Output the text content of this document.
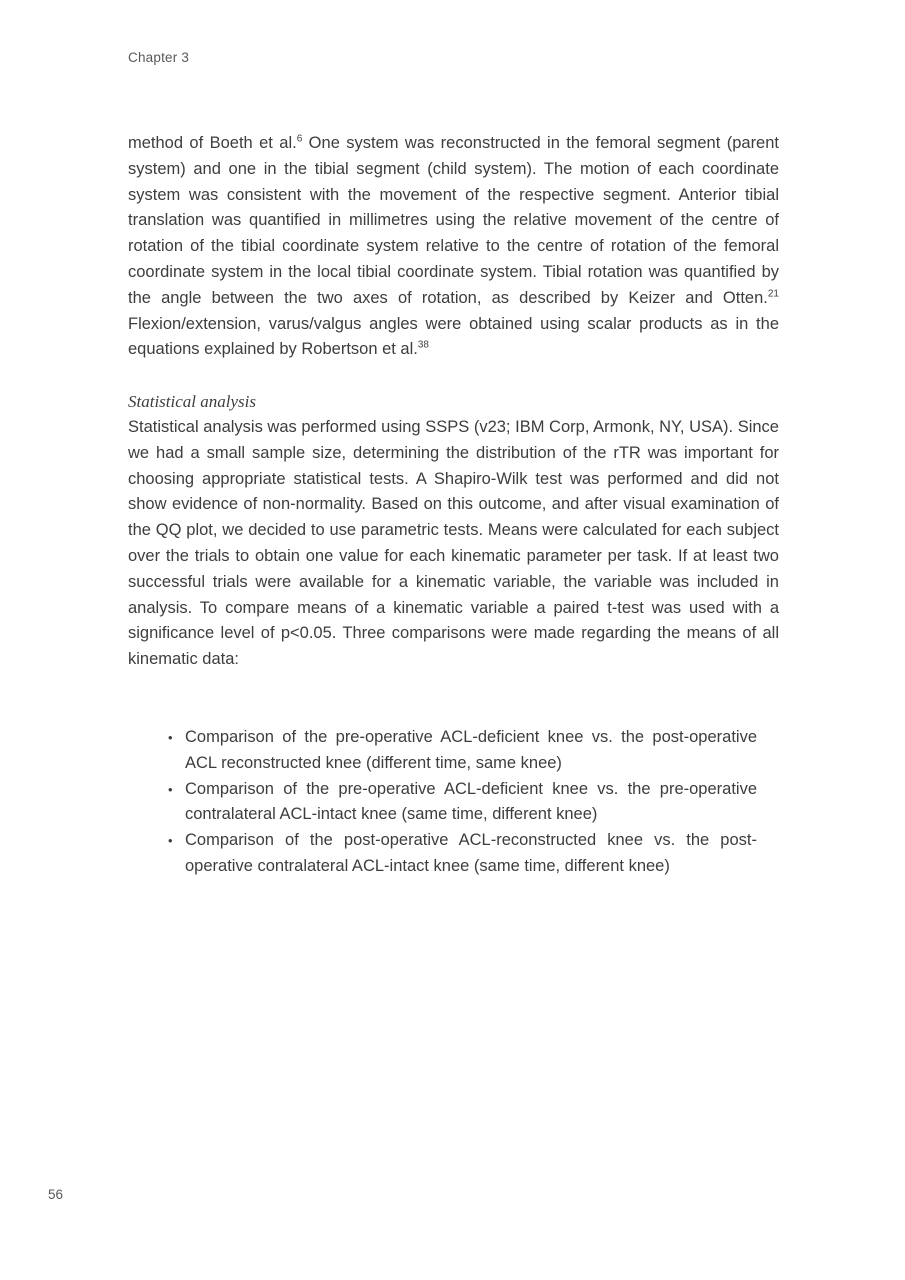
Chapter 3

method of Boeth et al.$^6$ One system was reconstructed in the femoral segment (parent system) and one in the tibial segment (child system). The motion of each coordinate system was consistent with the movement of the respective segment. Anterior tibial translation was quantified in millimetres using the relative movement of the centre of rotation of the tibial coordinate system relative to the centre of rotation of the femoral coordinate system in the local tibial coordinate system. Tibial rotation was quantified by the angle between the two axes of rotation, as described by Keizer and Otten.$^{21}$ Flexion/extension, varus/valgus angles were obtained using scalar products as in the equations explained by Robertson et al.$^{38}$

Statistical analysis

Statistical analysis was performed using SSPS (v23; IBM Corp, Armonk, NY, USA). Since we had a small sample size, determining the distribution of the rTR was important for choosing appropriate statistical tests. A Shapiro-Wilk test was performed and did not show evidence of non-normality. Based on this outcome, and after visual examination of the QQ plot, we decided to use parametric tests. Means were calculated for each subject over the trials to obtain one value for each kinematic parameter per task. If at least two successful trials were available for a kinematic variable, the variable was included in analysis. To compare means of a kinematic variable a paired t-test was used with a significance level of p<0.05. Three comparisons were made regarding the means of all kinematic data:

• Comparison of the pre-operative ACL-deficient knee vs. the post-operative ACL reconstructed knee (different time, same knee)
• Comparison of the pre-operative ACL-deficient knee vs. the pre-operative contralateral ACL-intact knee (same time, different knee)
• Comparison of the post-operative ACL-reconstructed knee vs. the post-operative contralateral ACL-intact knee (same time, different knee)
56
